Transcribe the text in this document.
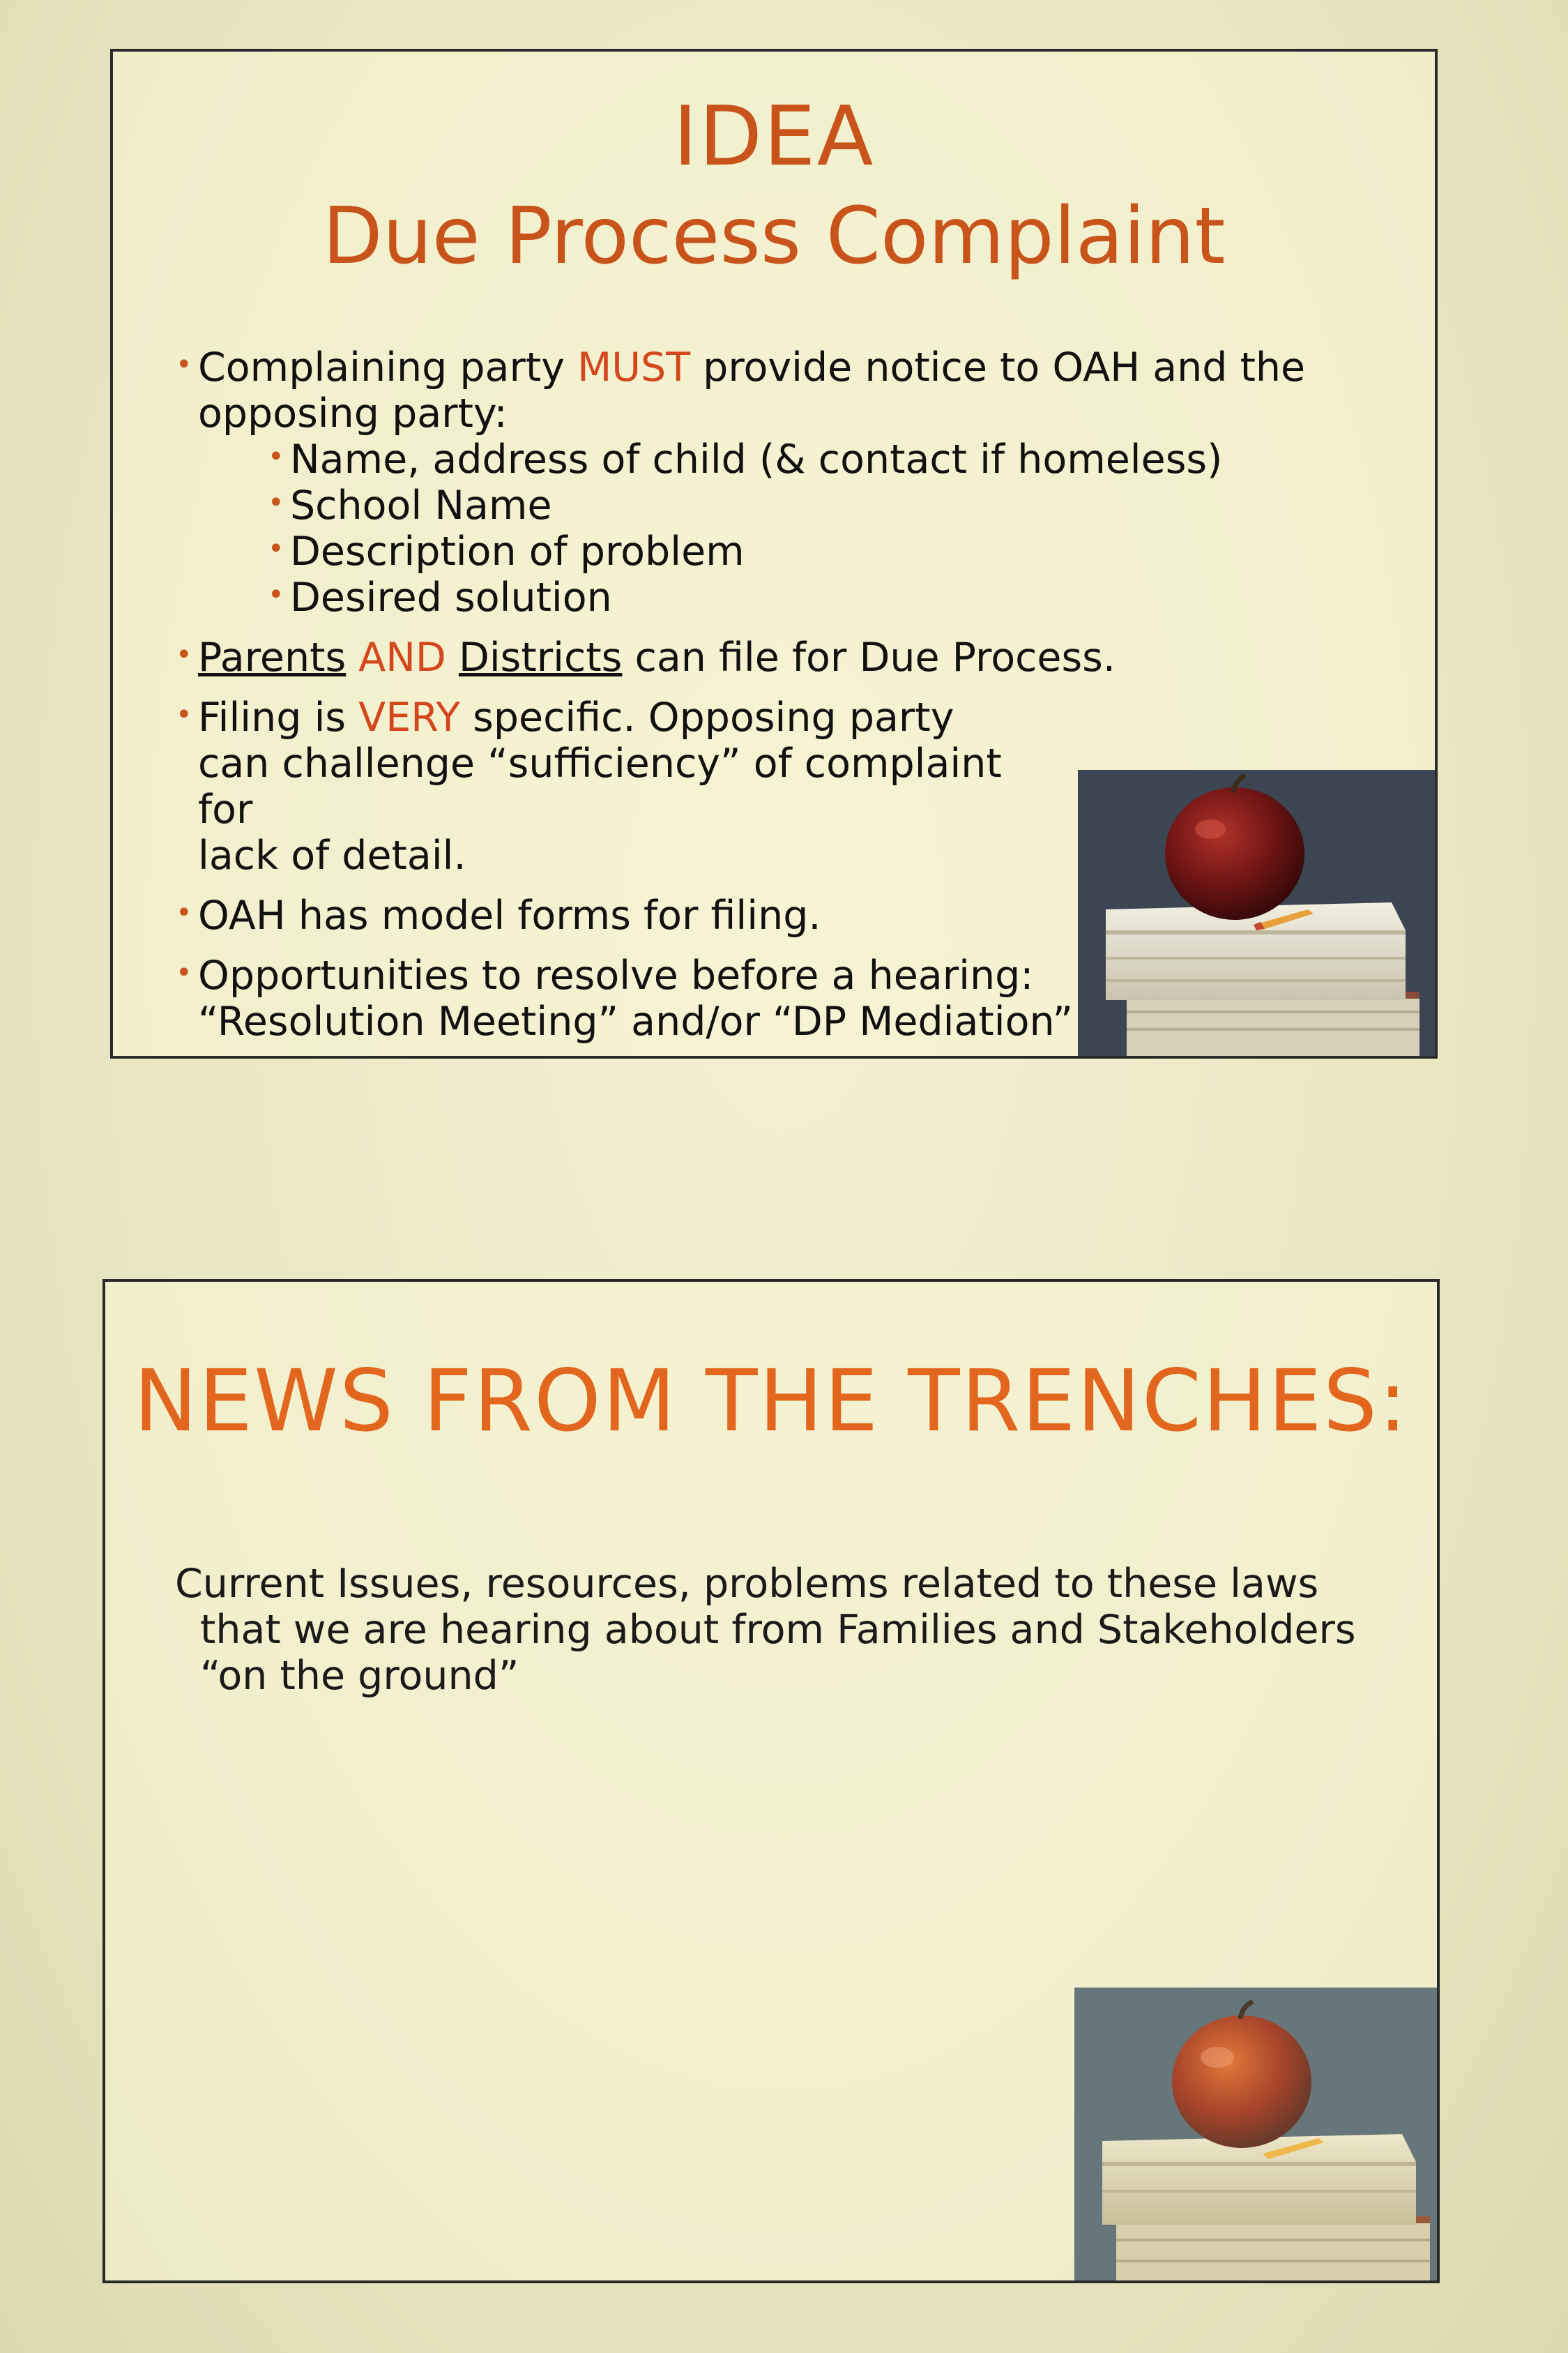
IDEA
Due Process Complaint
• Complaining party MUST provide notice to OAH and the opposing party:
• Name, address of child (& contact if homeless)
• School Name
• Description of problem
• Desired solution
• Parents AND Districts can file for Due Process.
• Filing is VERY specific. Opposing party
can challenge “sufficiency” of complaint for
lack of detail.
• OAH has model forms for filing.
• Opportunities to resolve before a hearing:
“Resolution Meeting” and/or “DP Mediation”
NEWS FROM THE TRENCHES:

Current Issues, resources, problems related to these laws
that we are hearing about from Families and Stakeholders
“on the ground”
